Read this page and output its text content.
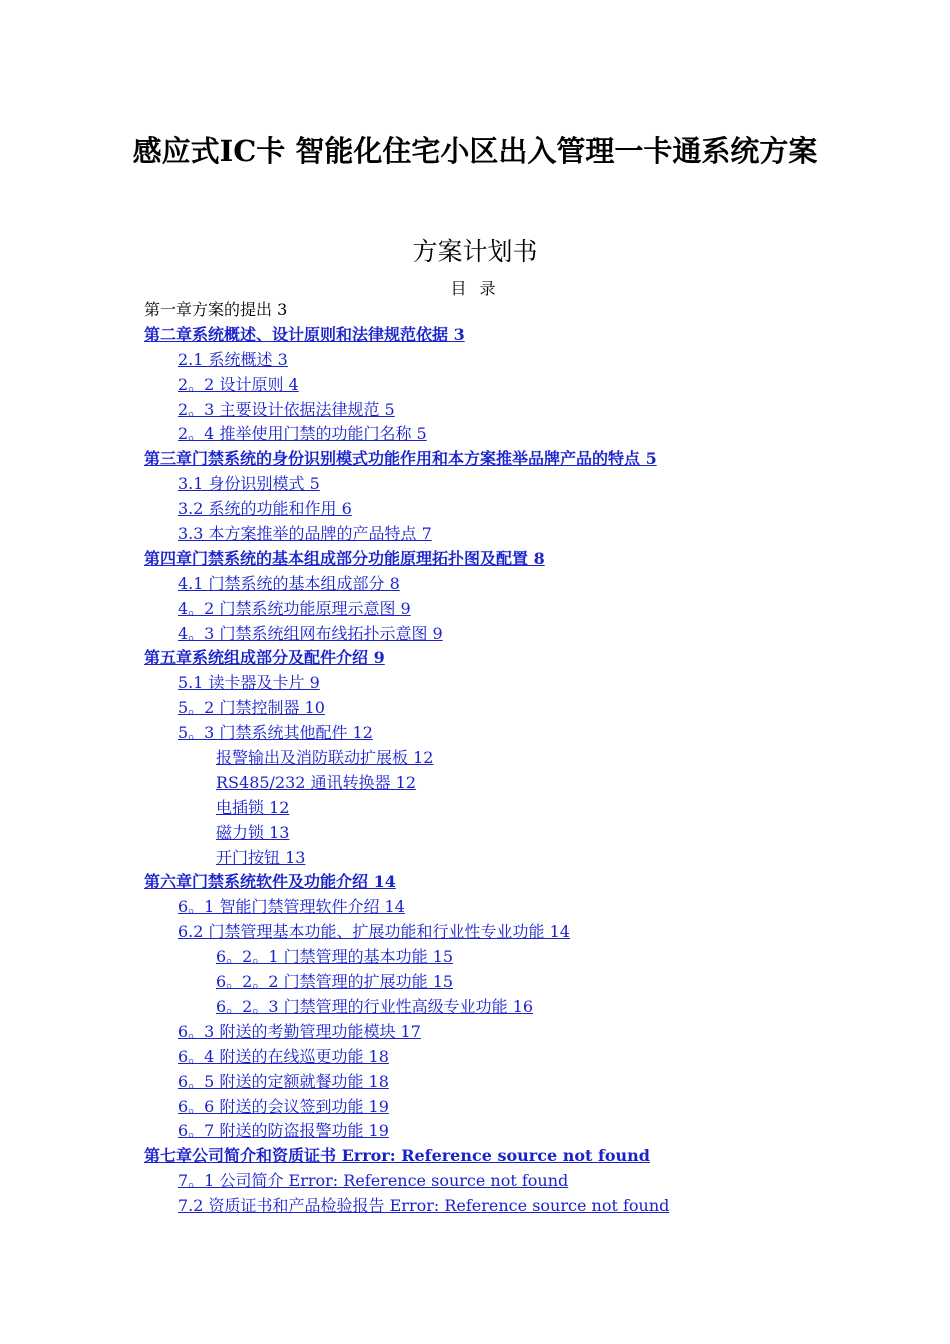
感应式IC卡 智能化住宅小区出入管理一卡通系统方案
方案计划书
目 录
第一章方案的提出 3
第二章系统概述、设计原则和法律规范依据 3
2.1 系统概述 3
2。2 设计原则 4
2。3 主要设计依据法律规范 5
2。4 推举使用门禁的功能门名称 5
第三章门禁系统的身份识别模式功能作用和本方案推举品牌产品的特点 5
3.1 身份识别模式 5
3.2 系统的功能和作用 6
3.3 本方案推举的品牌的产品特点 7
第四章门禁系统的基本组成部分功能原理拓扑图及配置 8
4.1 门禁系统的基本组成部分 8
4。2 门禁系统功能原理示意图 9
4。3 门禁系统组网布线拓扑示意图 9
第五章系统组成部分及配件介绍 9
5.1 读卡器及卡片 9
5。2 门禁控制器 10
5。3 门禁系统其他配件 12
报警输出及消防联动扩展板 12
RS485/232 通讯转换器 12
电插锁 12
磁力锁 13
开门按钮 13
第六章门禁系统软件及功能介绍 14
6。1 智能门禁管理软件介绍 14
6.2 门禁管理基本功能、扩展功能和行业性专业功能 14
6。2。1 门禁管理的基本功能 15
6。2。2 门禁管理的扩展功能 15
6。2。3 门禁管理的行业性高级专业功能 16
6。3 附送的考勤管理功能模块 17
6。4 附送的在线巡更功能 18
6。5 附送的定额就餐功能 18
6。6 附送的会议签到功能 19
6。7 附送的防盗报警功能 19
第七章公司简介和资质证书 Error: Reference source not found
7。1 公司简介 Error: Reference source not found
7.2 资质证书和产品检验报告 Error: Reference source not found
